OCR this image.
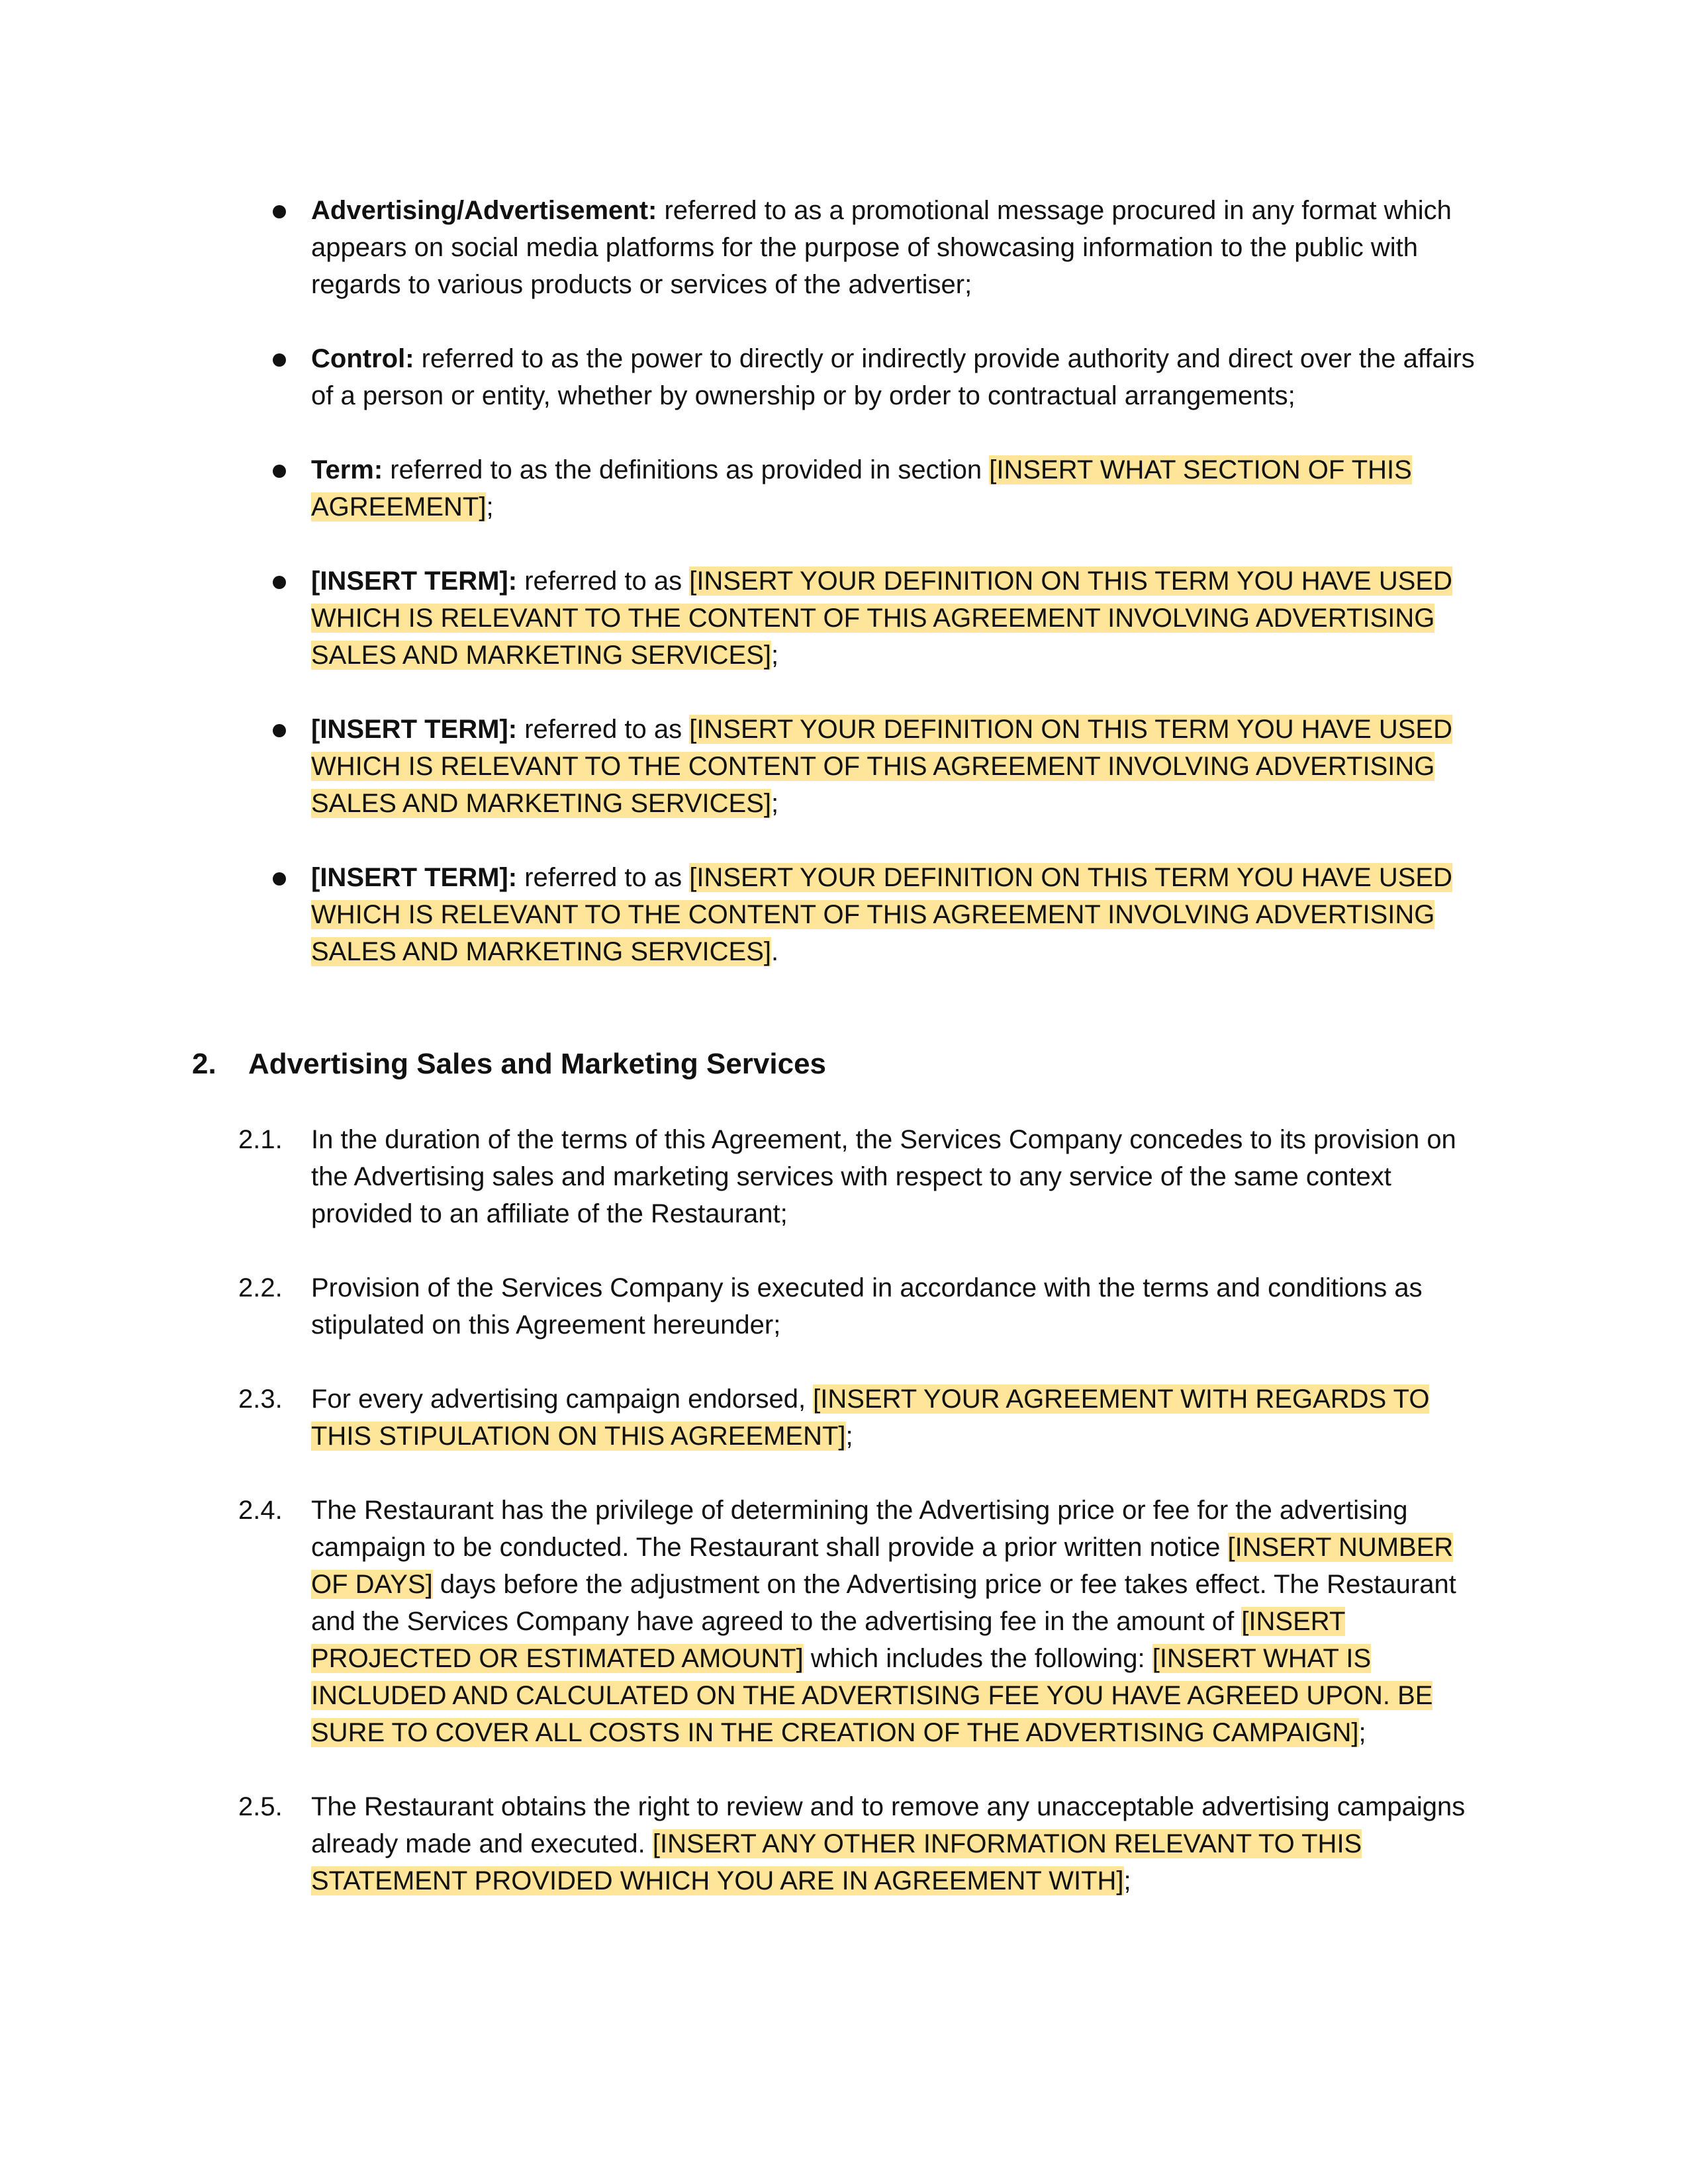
Advertising/Advertisement: referred to as a promotional message procured in any format which appears on social media platforms for the purpose of showcasing information to the public with regards to various products or services of the advertiser;
Control: referred to as the power to directly or indirectly provide authority and direct over the affairs of a person or entity, whether by ownership or by order to contractual arrangements;
Term: referred to as the definitions as provided in section [INSERT WHAT SECTION OF THIS AGREEMENT];
[INSERT TERM]: referred to as [INSERT YOUR DEFINITION ON THIS TERM YOU HAVE USED WHICH IS RELEVANT TO THE CONTENT OF THIS AGREEMENT INVOLVING ADVERTISING SALES AND MARKETING SERVICES];
[INSERT TERM]: referred to as [INSERT YOUR DEFINITION ON THIS TERM YOU HAVE USED WHICH IS RELEVANT TO THE CONTENT OF THIS AGREEMENT INVOLVING ADVERTISING SALES AND MARKETING SERVICES];
[INSERT TERM]: referred to as [INSERT YOUR DEFINITION ON THIS TERM YOU HAVE USED WHICH IS RELEVANT TO THE CONTENT OF THIS AGREEMENT INVOLVING ADVERTISING SALES AND MARKETING SERVICES].
2. Advertising Sales and Marketing Services
2.1. In the duration of the terms of this Agreement, the Services Company concedes to its provision on the Advertising sales and marketing services with respect to any service of the same context provided to an affiliate of the Restaurant;
2.2. Provision of the Services Company is executed in accordance with the terms and conditions as stipulated on this Agreement hereunder;
2.3. For every advertising campaign endorsed, [INSERT YOUR AGREEMENT WITH REGARDS TO THIS STIPULATION ON THIS AGREEMENT];
2.4. The Restaurant has the privilege of determining the Advertising price or fee for the advertising campaign to be conducted. The Restaurant shall provide a prior written notice [INSERT NUMBER OF DAYS] days before the adjustment on the Advertising price or fee takes effect. The Restaurant and the Services Company have agreed to the advertising fee in the amount of [INSERT PROJECTED OR ESTIMATED AMOUNT] which includes the following: [INSERT WHAT IS INCLUDED AND CALCULATED ON THE ADVERTISING FEE YOU HAVE AGREED UPON. BE SURE TO COVER ALL COSTS IN THE CREATION OF THE ADVERTISING CAMPAIGN];
2.5. The Restaurant obtains the right to review and to remove any unacceptable advertising campaigns already made and executed. [INSERT ANY OTHER INFORMATION RELEVANT TO THIS STATEMENT PROVIDED WHICH YOU ARE IN AGREEMENT WITH];
